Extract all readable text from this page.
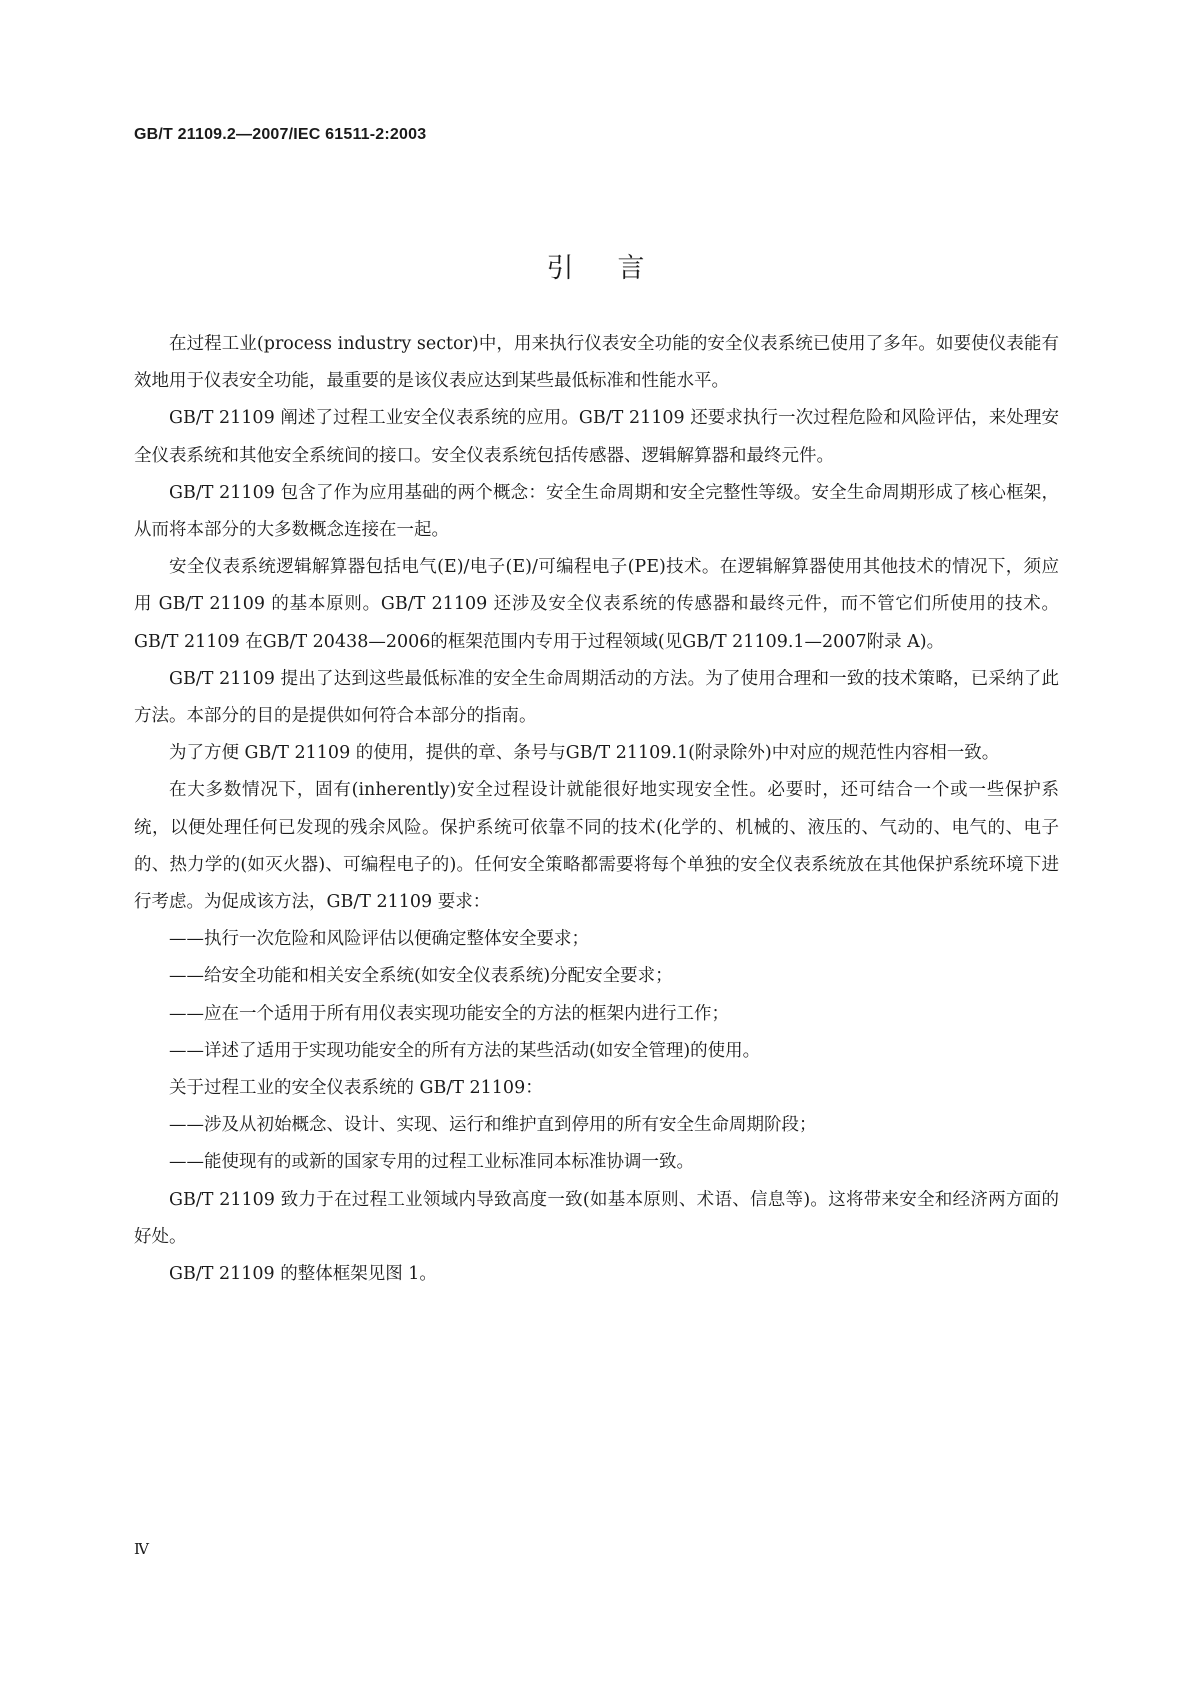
GB/T 21109.2—2007/IEC 61511-2:2003
引言

在过程工业(process industry sector)中，用来执行仪表安全功能的安全仪表系统已使用了多年。如要使仪表能有效地用于仪表安全功能，最重要的是该仪表应达到某些最低标准和性能水平。

GB/T 21109 阐述了过程工业安全仪表系统的应用。GB/T 21109 还要求执行一次过程危险和风险评估，来处理安全仪表系统和其他安全系统间的接口。安全仪表系统包括传感器、逻辑解算器和最终元件。

GB/T 21109 包含了作为应用基础的两个概念：安全生命周期和安全完整性等级。安全生命周期形成了核心框架，从而将本部分的大多数概念连接在一起。

安全仪表系统逻辑解算器包括电气(E)/电子(E)/可编程电子(PE)技术。在逻辑解算器使用其他技术的情况下，须应用 GB/T 21109 的基本原则。GB/T 21109 还涉及安全仪表系统的传感器和最终元件，而不管它们所使用的技术。GB/T 21109 在GB/T 20438—2006的框架范围内专用于过程领域(见GB/T 21109.1—2007附录 A)。

GB/T 21109 提出了达到这些最低标准的安全生命周期活动的方法。为了使用合理和一致的技术策略，已采纳了此方法。本部分的目的是提供如何符合本部分的指南。

为了方便 GB/T 21109 的使用，提供的章、条号与GB/T 21109.1(附录除外)中对应的规范性内容相一致。

在大多数情况下，固有(inherently)安全过程设计就能很好地实现安全性。必要时，还可结合一个或一些保护系统，以便处理任何已发现的残余风险。保护系统可依靠不同的技术(化学的、机械的、液压的、气动的、电气的、电子的、热力学的(如灭火器)、可编程电子的)。任何安全策略都需要将每个单独的安全仪表系统放在其他保护系统环境下进行考虑。为促成该方法，GB/T 21109 要求：

——执行一次危险和风险评估以便确定整体安全要求；

——给安全功能和相关安全系统(如安全仪表系统)分配安全要求；

——应在一个适用于所有用仪表实现功能安全的方法的框架内进行工作；

——详述了适用于实现功能安全的所有方法的某些活动(如安全管理)的使用。

关于过程工业的安全仪表系统的 GB/T 21109：

——涉及从初始概念、设计、实现、运行和维护直到停用的所有安全生命周期阶段；

——能使现有的或新的国家专用的过程工业标准同本标准协调一致。

GB/T 21109 致力于在过程工业领域内导致高度一致(如基本原则、术语、信息等)。这将带来安全和经济两方面的好处。

GB/T 21109 的整体框架见图 1。

Ⅳ
